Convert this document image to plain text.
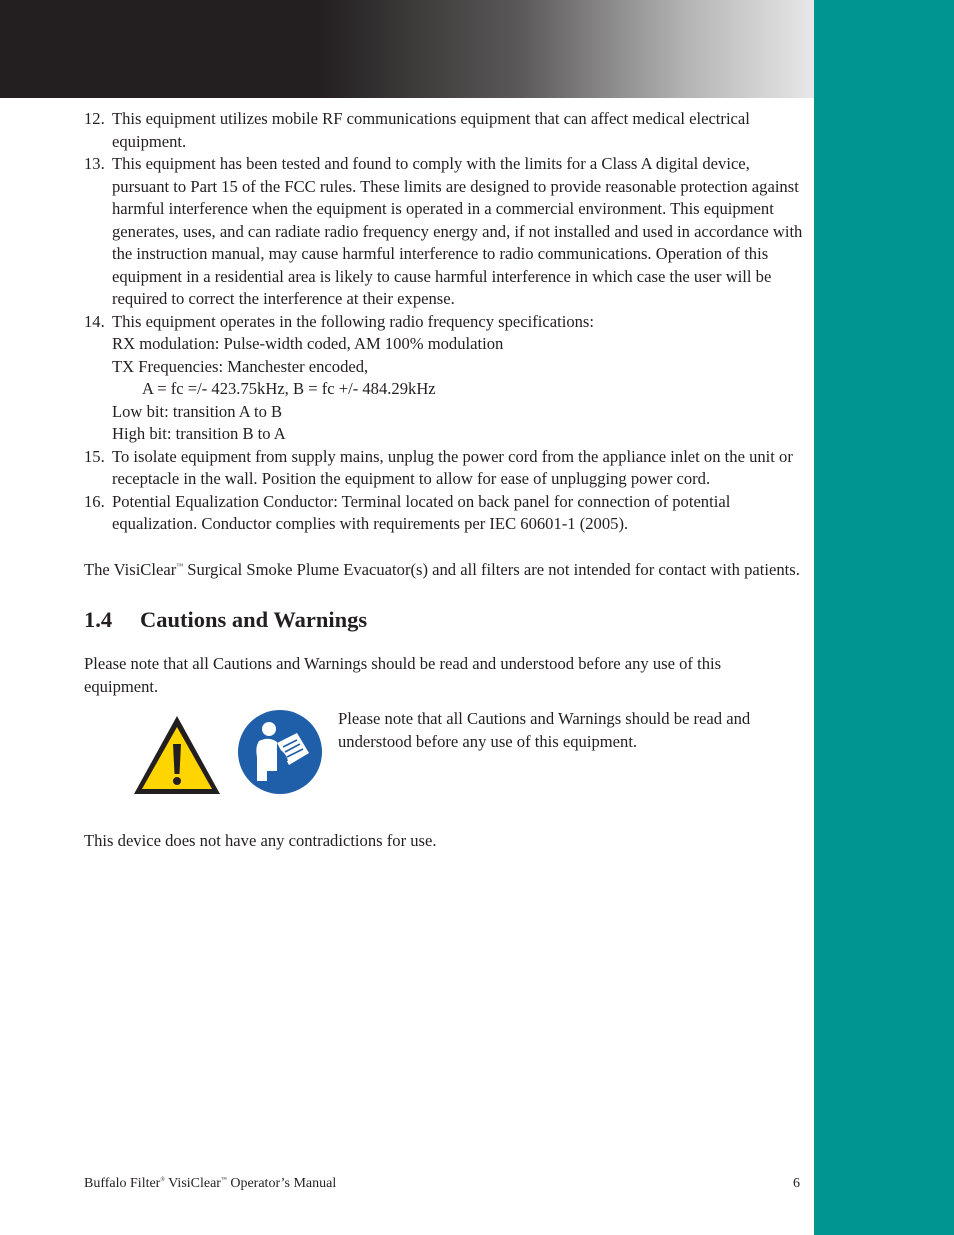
12. This equipment utilizes mobile RF communications equipment that can affect medical electrical equipment.
13. This equipment has been tested and found to comply with the limits for a Class A digital device, pursuant to Part 15 of the FCC rules. These limits are designed to provide reasonable protection against harmful interference when the equipment is operated in a commercial environment. This equipment generates, uses, and can radiate radio frequency energy and, if not installed and used in accordance with the instruction manual, may cause harmful interference to radio communications. Operation of this equipment in a residential area is likely to cause harmful interference in which case the user will be required to correct the interference at their expense.
14. This equipment operates in the following radio frequency specifications:
RX modulation: Pulse-width coded, AM 100% modulation
TX Frequencies: Manchester encoded,
A = fc =/- 423.75kHz, B = fc +/- 484.29kHz
Low bit: transition A to B
High bit: transition B to A
15. To isolate equipment from supply mains, unplug the power cord from the appliance inlet on the unit or receptacle in the wall. Position the equipment to allow for ease of unplugging power cord.
16. Potential Equalization Conductor: Terminal located on back panel for connection of potential equalization. Conductor complies with requirements per IEC 60601-1 (2005).

The VisiClear™ Surgical Smoke Plume Evacuator(s) and all filters are not intended for contact with patients.

1.4	Cautions and Warnings

Please note that all Cautions and Warnings should be read and understood before any use of this equipment.

Please note that all Cautions and Warnings should be read and understood before any use of this equipment.

This device does not have any contradictions for use.

Buffalo Filter® VisiClear™ Operator’s Manual	6
